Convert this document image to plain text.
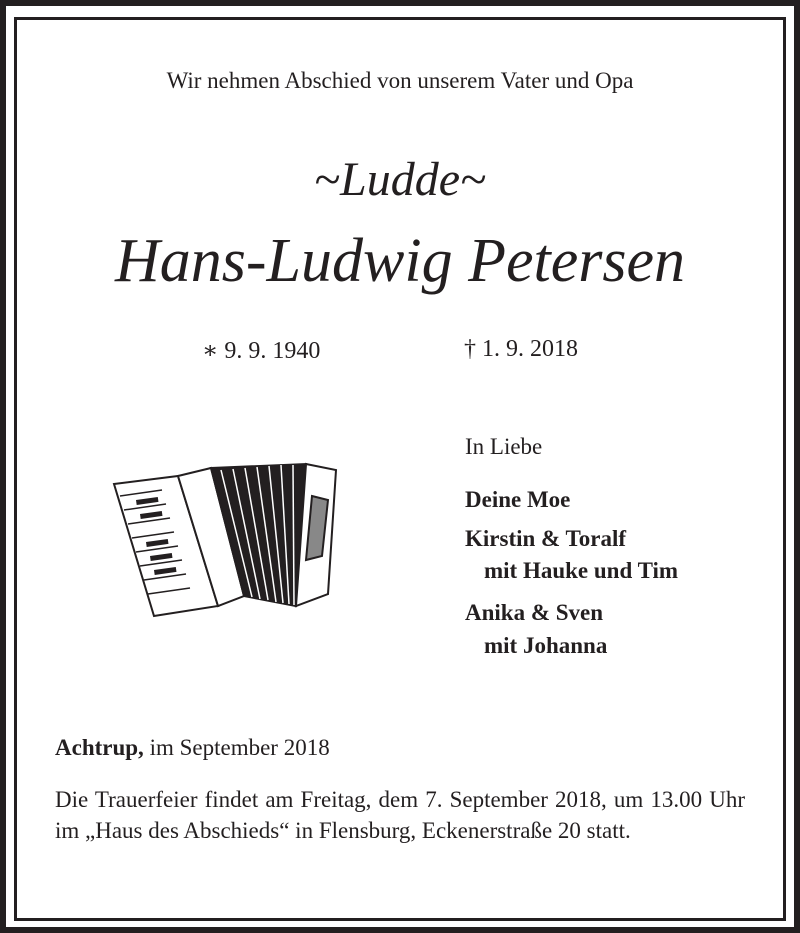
Wir nehmen Abschied von unserem Vater und Opa
~Ludde~
Hans-Ludwig Petersen
∗ 9. 9. 1940	† 1. 9. 2018
In Liebe
Deine Moe
Kirstin & Toralf
mit Hauke und Tim
Anika & Sven
mit Johanna
Achtrup, im September 2018
Die Trauerfeier findet am Freitag, dem 7. September 2018, um 13.00 Uhr im „Haus des Abschieds“ in Flensburg, Eckenerstraße 20 statt.
